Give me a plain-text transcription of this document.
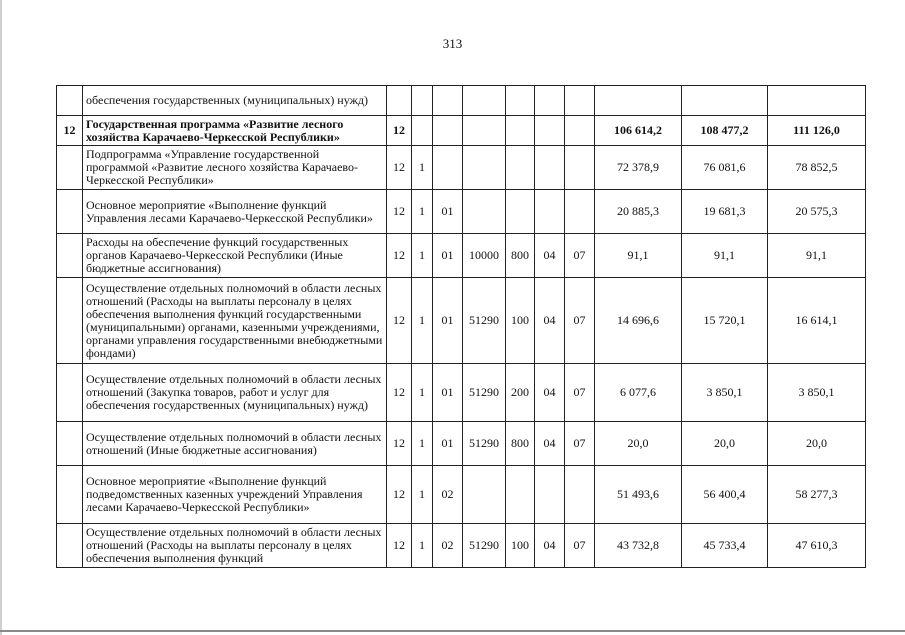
313
	обеспечения государственных (муниципальных) нужд)										
12	Государственная программа «Развитие лесного хозяйства Карачаево-Черкесской Республики»	12							106 614,2	108 477,2	111 126,0
	Подпрограмма «Управление государственной программой «Развитие лесного хозяйства Карачаево-Черкесской Республики»	12	1						72 378,9	76 081,6	78 852,5
	Основное мероприятие «Выполнение функций Управления лесами Карачаево-Черкесской Республики»	12	1	01					20 885,3	19 681,3	20 575,3
	Расходы на обеспечение функций государственных органов Карачаево-Черкесской Республики (Иные бюджетные ассигнования)	12	1	01	10000	800	04	07	91,1	91,1	91,1
	Осуществление отдельных полномочий в области лесных отношений (Расходы на выплаты персоналу в целях обеспечения выполнения функций государственными (муниципальными) органами, казенными учреждениями, органами управления государственными внебюджетными фондами)	12	1	01	51290	100	04	07	14 696,6	15 720,1	16 614,1
	Осуществление отдельных полномочий в области лесных отношений (Закупка товаров, работ и услуг для обеспечения государственных (муниципальных) нужд)	12	1	01	51290	200	04	07	6 077,6	3 850,1	3 850,1
	Осуществление отдельных полномочий в области лесных отношений (Иные бюджетные ассигнования)	12	1	01	51290	800	04	07	20,0	20,0	20,0
	Основное мероприятие «Выполнение функций подведомственных казенных учреждений Управления лесами Карачаево-Черкесской Республики»	12	1	02					51 493,6	56 400,4	58 277,3
	Осуществление отдельных полномочий в области лесных отношений (Расходы на выплаты персоналу в целях обеспечения выполнения функций	12	1	02	51290	100	04	07	43 732,8	45 733,4	47 610,3
